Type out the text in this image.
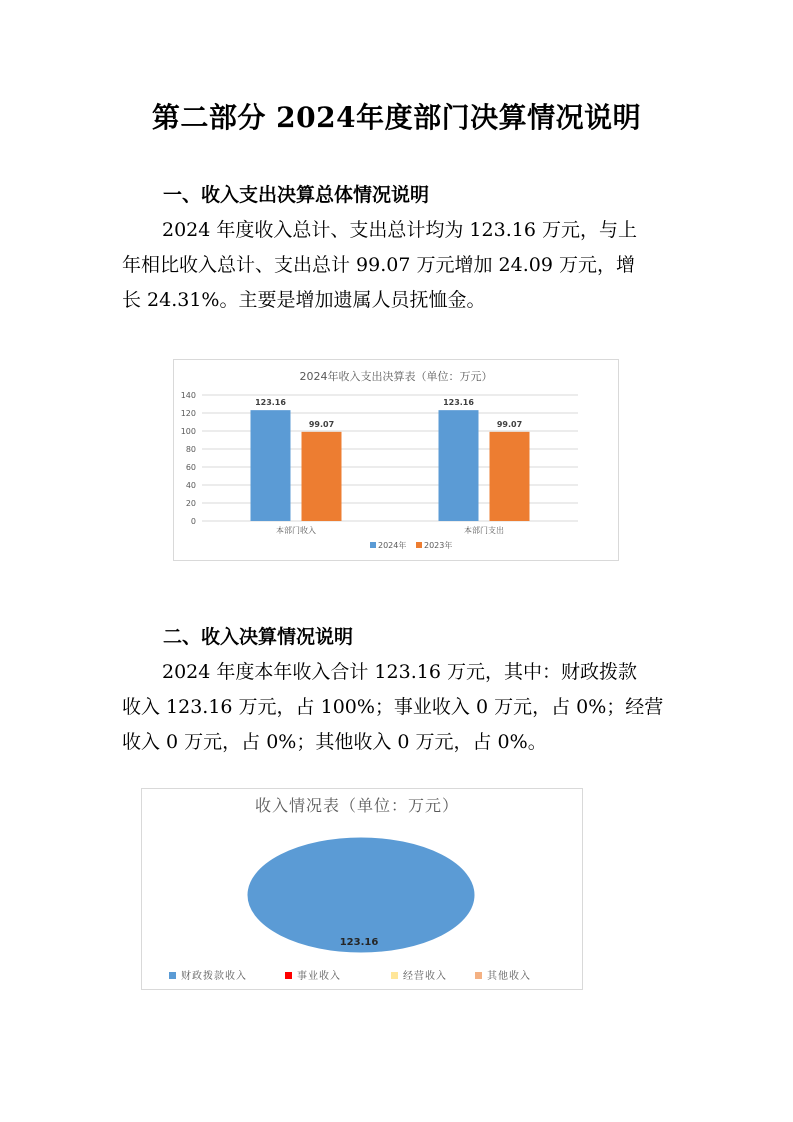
第二部分 2024年度部门决算情况说明
一、收入支出决算总体情况说明

2024 年度收入总计、支出总计均为 123.16 万元，与上

年相比收入总计、支出总计 99.07 万元增加 24.09 万元，增

长 24.31%。主要是增加遗属人员抚恤金。

2024年收入支出决算表（单位：万元）
0
20
40
60
80
100
120
140
123.16
99.07
本部门收入
123.16
99.07
本部门支出
2024年 2023年
二、收入决算情况说明

2024 年度本年收入合计 123.16 万元，其中：财政拨款

收入 123.16 万元，占 100%；事业收入 0 万元，占 0%；经营

收入 0 万元，占 0%；其他收入 0 万元，占 0%。

收入情况表（单位：万元）
123.16
财政拨款收入	事业收入	经营收入	其他收入
